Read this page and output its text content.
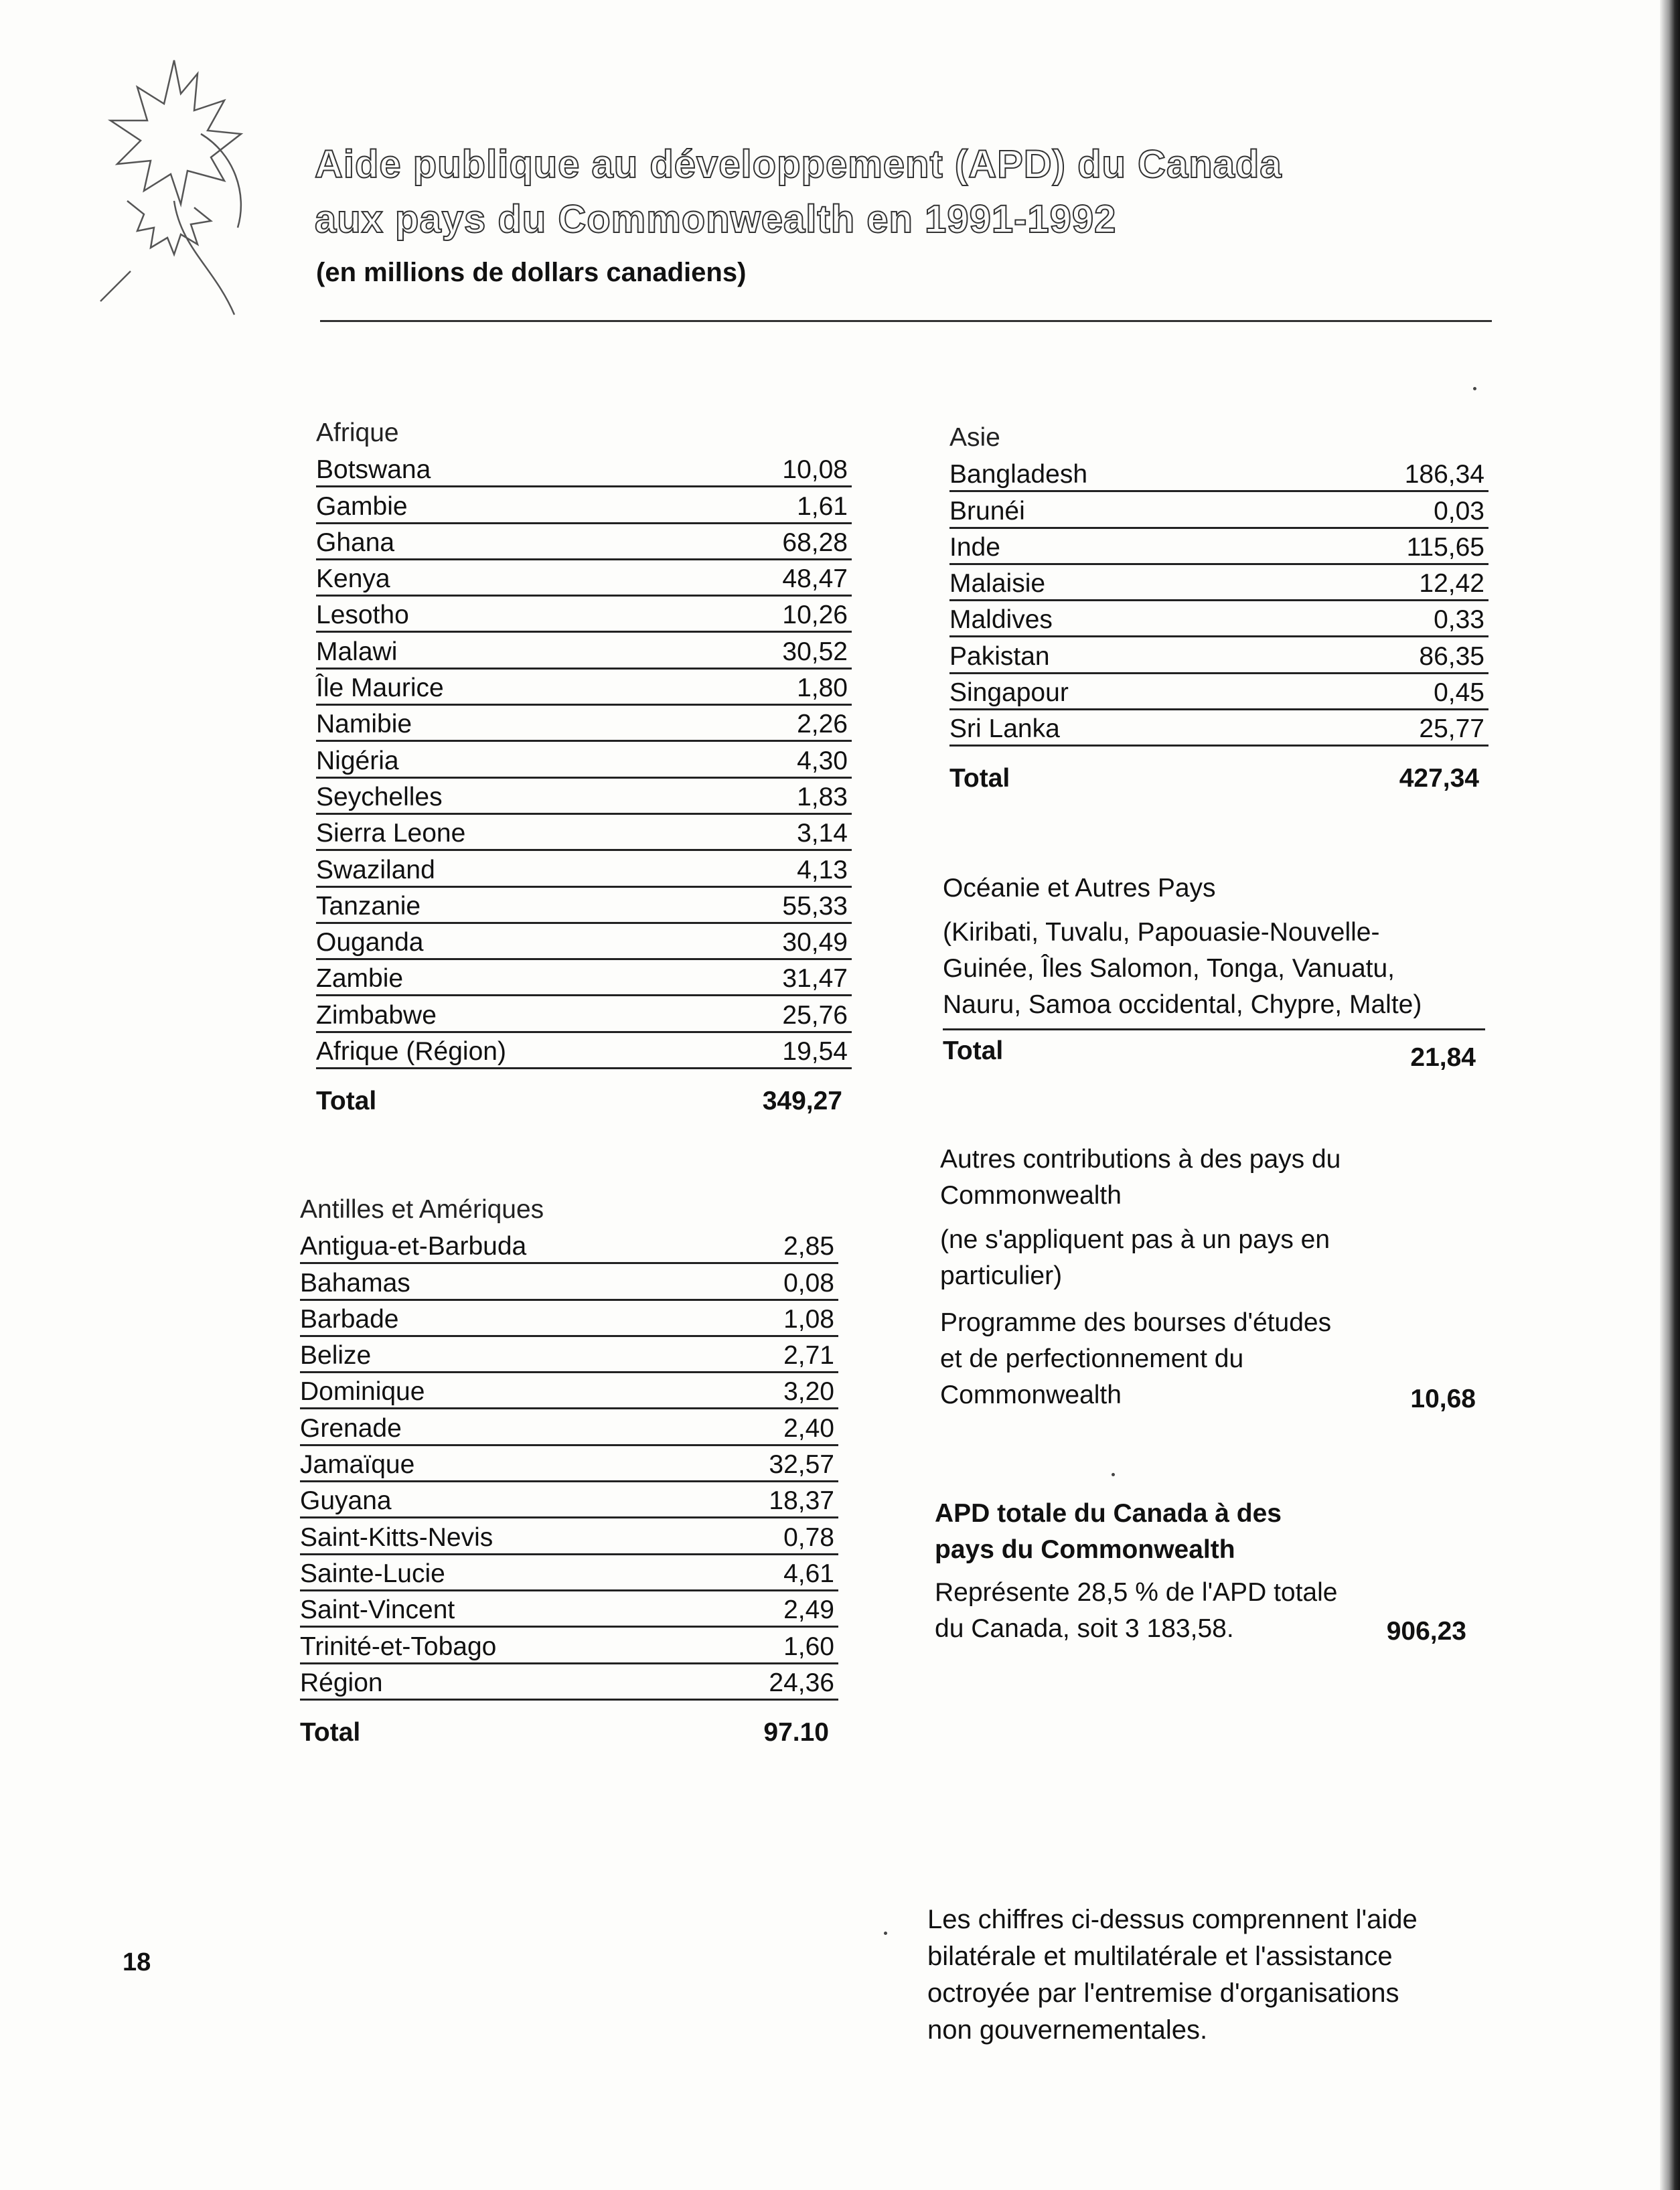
Aide publique au développement (APD) du Canada
aux pays du Commonwealth en 1991-1992
(en millions de dollars canadiens)
Afrique
Botswana	10,08
Gambie	1,61
Ghana	68,28
Kenya	48,47
Lesotho	10,26
Malawi	30,52
Île Maurice	1,80
Namibie	2,26
Nigéria	4,30
Seychelles	1,83
Sierra Leone	3,14
Swaziland	4,13
Tanzanie	55,33
Ouganda	30,49
Zambie	31,47
Zimbabwe	25,76
Afrique (Région)	19,54
Total	349,27
Antilles et Amériques
Antigua-et-Barbuda	2,85
Bahamas	0,08
Barbade	1,08
Belize	2,71
Dominique	3,20
Grenade	2,40
Jamaïque	32,57
Guyana	18,37
Saint-Kitts-Nevis	0,78
Sainte-Lucie	4,61
Saint-Vincent	2,49
Trinité-et-Tobago	1,60
Région	24,36
Total	97.10
Asie
Bangladesh	186,34
Brunéi	0,03
Inde	115,65
Malaisie	12,42
Maldives	0,33
Pakistan	86,35
Singapour	0,45
Sri Lanka	25,77
Total	427,34
Océanie et Autres Pays
(Kiribati, Tuvalu, Papouasie-Nouvelle-
Guinée, Îles Salomon, Tonga, Vanuatu,
Nauru, Samoa occidental, Chypre, Malte)
Total	21,84
Autres contributions à des pays du
Commonwealth
(ne s'appliquent pas à un pays en
particulier)
Programme des bourses d'études
et de perfectionnement du
Commonwealth	10,68
APD totale du Canada à des
pays du Commonwealth
Représente 28,5 % de l'APD totale
du Canada, soit 3 183,58.	906,23
18
Les chiffres ci-dessus comprennent l'aide
bilatérale et multilatérale et l'assistance
octroyée par l'entremise d'organisations
non gouvernementales.
